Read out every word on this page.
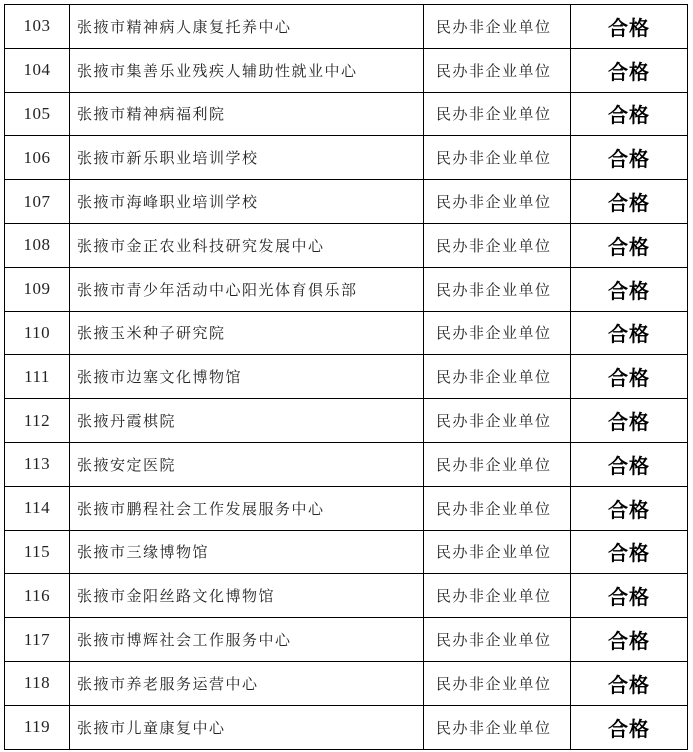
103	张掖市精神病人康复托养中心	民办非企业单位	合格
104	张掖市集善乐业残疾人辅助性就业中心	民办非企业单位	合格
105	张掖市精神病福利院	民办非企业单位	合格
106	张掖市新乐职业培训学校	民办非企业单位	合格
107	张掖市海峰职业培训学校	民办非企业单位	合格
108	张掖市金正农业科技研究发展中心	民办非企业单位	合格
109	张掖市青少年活动中心阳光体育俱乐部	民办非企业单位	合格
110	张掖玉米种子研究院	民办非企业单位	合格
111	张掖市边塞文化博物馆	民办非企业单位	合格
112	张掖丹霞棋院	民办非企业单位	合格
113	张掖安定医院	民办非企业单位	合格
114	张掖市鹏程社会工作发展服务中心	民办非企业单位	合格
115	张掖市三缘博物馆	民办非企业单位	合格
116	张掖市金阳丝路文化博物馆	民办非企业单位	合格
117	张掖市博辉社会工作服务中心	民办非企业单位	合格
118	张掖市养老服务运营中心	民办非企业单位	合格
119	张掖市儿童康复中心	民办非企业单位	合格
